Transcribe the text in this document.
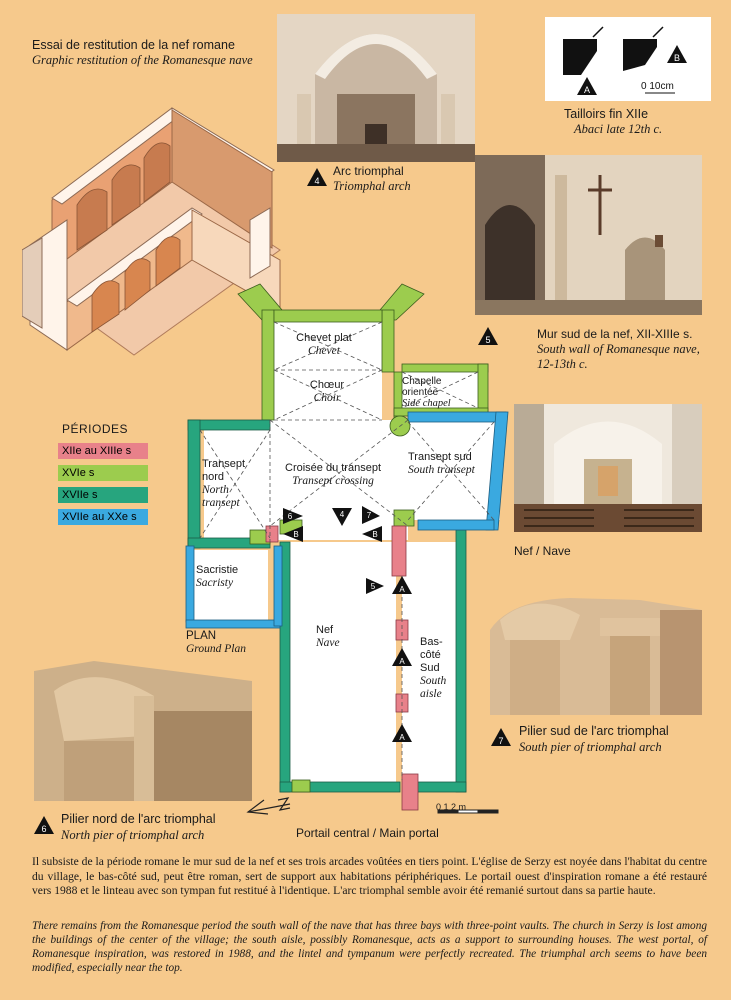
Essai de restitution de la nef romane
Graphic restitution of the Romanesque nave
4
Arc triomphal
Triomphal arch
A
B
0 10cm
Tailloirs fin XIIe
Abaci late 12th c.
5	Mur sud de la nef, XII-XIIIe s.
South wall of Romanesque nave, 12-13th c.
Nef / Nave
7
Pilier sud de l'arc triomphal
South pier of triomphal arch
6
Pilier nord de l'arc triomphal
North pier of triomphal arch
PÉRIODES
XIIe au XIIIe s
XVIe s
XVIIe s
XVIIe au XXe s	6
B
4	7
B
5	A
A
A
Chevet plat
Chevet
Chœur
Choir
Chapelle orientée
Side chapel
Transept nord
North transept
Croisée du transept
Transept crossing
Transept sud
South transept
Sacristie
Sacristy
Nef
Nave	Bas-côté Sud
South aisle
PLAN
Ground Plan
Portail central / Main portal
0 1 2 m
Il subsiste de la période romane le mur sud de la nef et ses trois arcades voûtées en tiers point. L'église de Serzy est noyée dans l'habitat du centre du village, le bas-côté sud, peut être roman, sert de support aux habitations périphériques. Le portail ouest d'inspiration romane a été restauré vers 1988 et le linteau avec son tympan fut restitué à l'identique. L'arc triomphal semble avoir été remanié surtout dans sa partie haute.
There remains from the Romanesque period the south wall of the nave that has three bays with three-point vaults. The church in Serzy is lost among the buildings of the center of the village; the south aisle, possibly Romanesque, acts as a support to surrounding houses. The west portal, of Romanesque inspiration, was restored in 1988, and the lintel and tympanum were perfectly recreated. The triumphal arch seems to have been modified, especially near the top.
